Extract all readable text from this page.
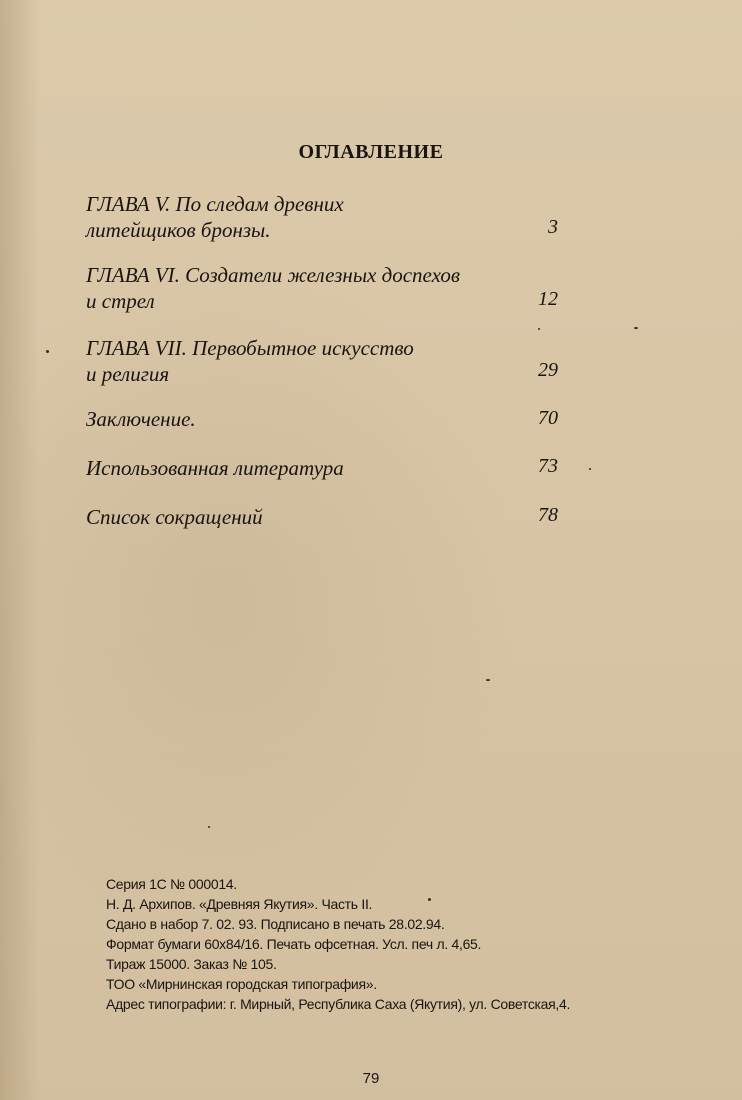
ОГЛАВЛЕНИЕ
ГЛАВА V. По следам древних
литейщиков бронзы.	3
ГЛАВА VI. Создатели железных доспехов
и стрел	12
ГЛАВА VII. Первобытное искусство
и религия	29
Заключение.	70
Использованная литература	73
Список сокращений	78
Серия 1С № 000014.
Н. Д. Архипов. «Древняя Якутия». Часть II.
Сдано в набор 7. 02. 93. Подписано в печать 28.02.94.
Формат бумаги 60x84/16. Печать офсетная. Усл. печ л. 4,65.
Тираж 15000. Заказ № 105.
ТОО «Мирнинская городская типография».
Адрес типографии: г. Мирный, Республика Саха (Якутия), ул. Советская,4.
79
